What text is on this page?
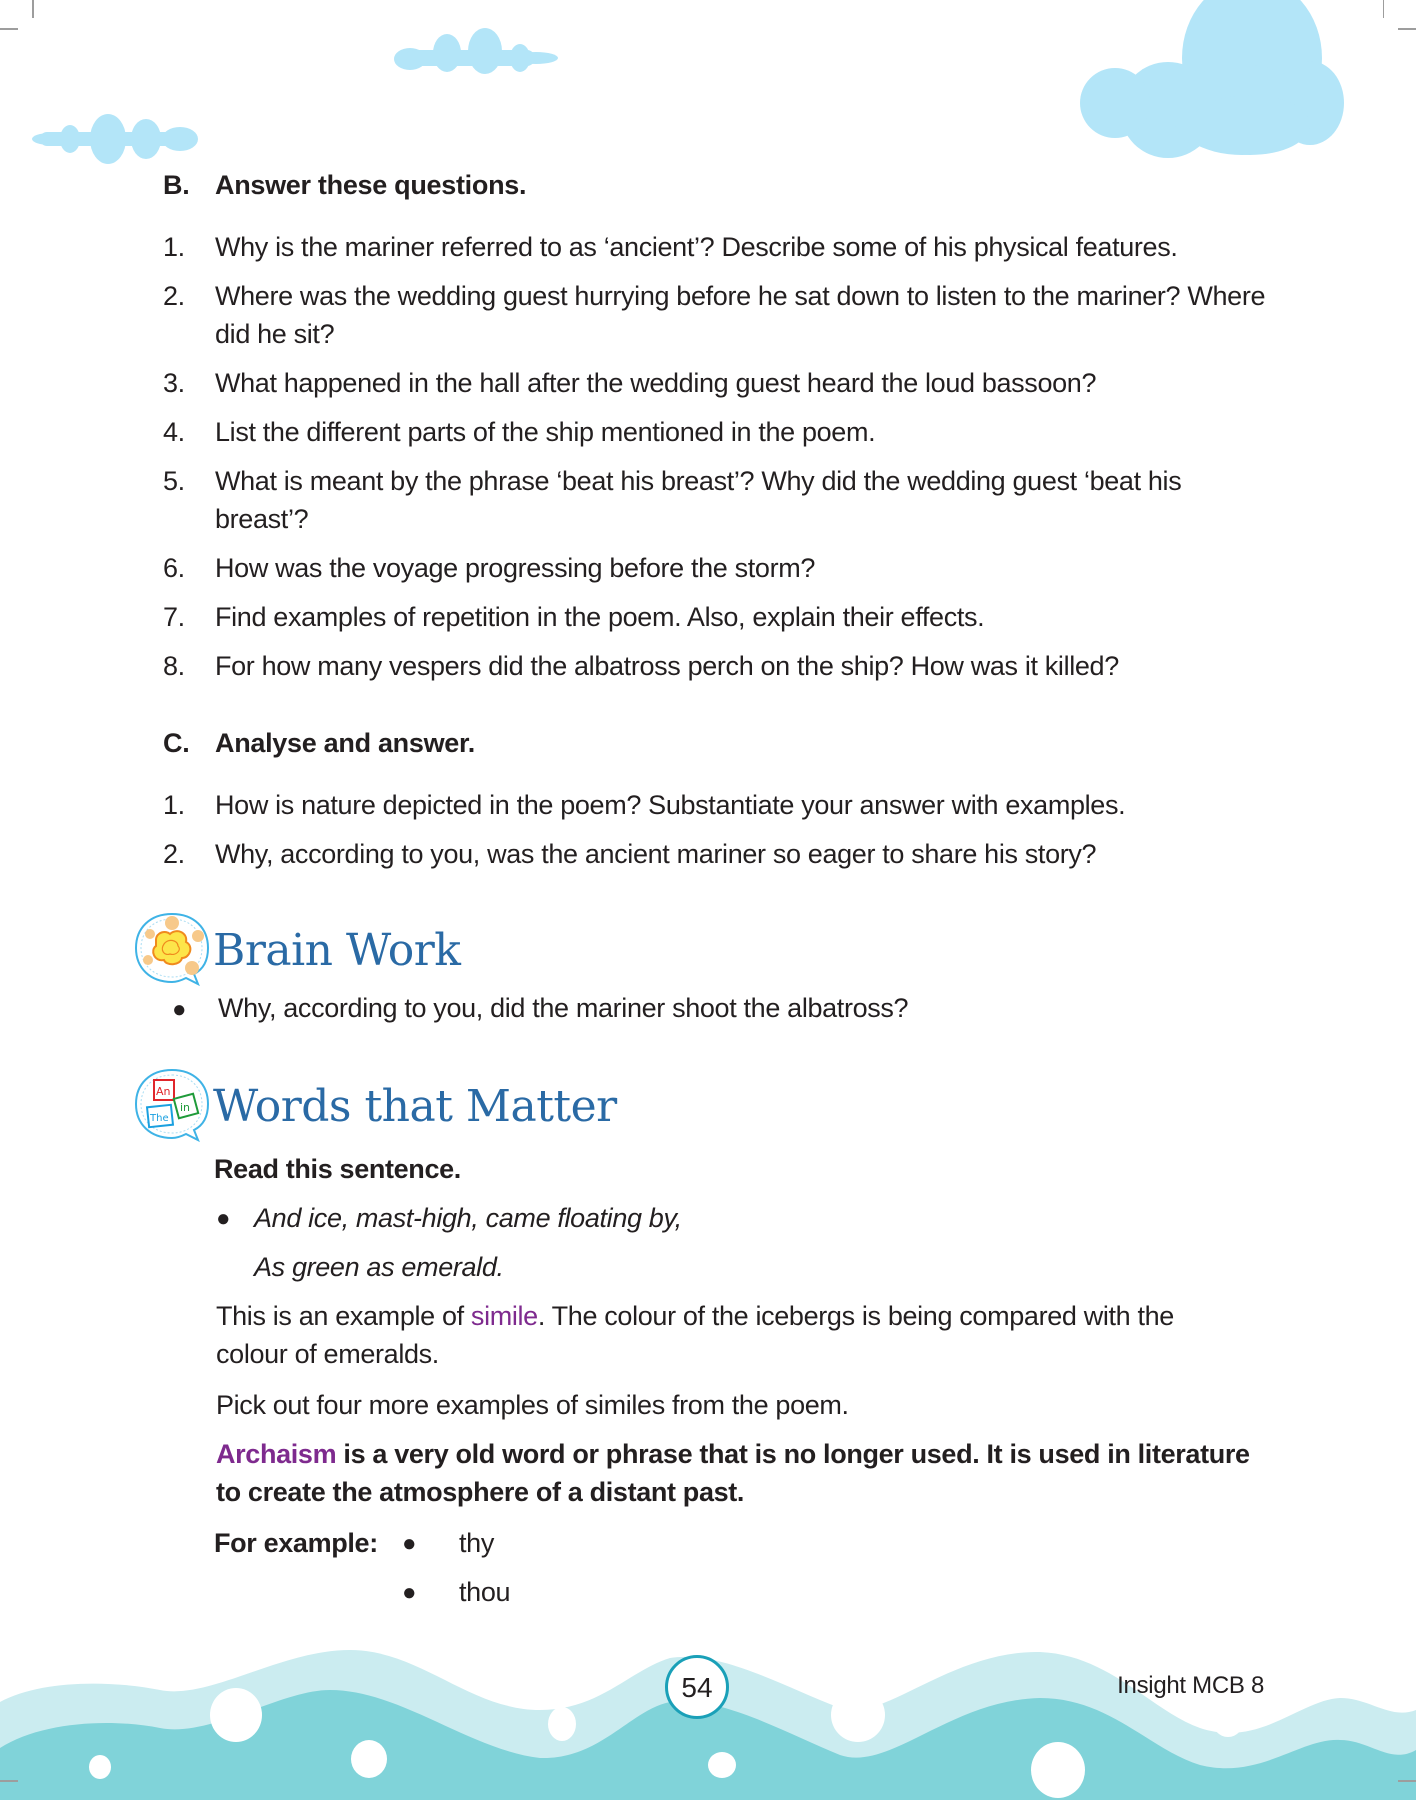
B. Answer these questions.
1.	Why is the mariner referred to as ‘ancient’? Describe some of his physical features.
2.	Where was the wedding guest hurrying before he sat down to listen to the mariner? Where did he sit?
3.	What happened in the hall after the wedding guest heard the loud bassoon?
4.	List the different parts of the ship mentioned in the poem.
5.	What is meant by the phrase ‘beat his breast’? Why did the wedding guest ‘beat his breast’?
6.	How was the voyage progressing before the storm?
7.	Find examples of repetition in the poem. Also, explain their effects.
8.	For how many vespers did the albatross perch on the ship? How was it killed?
C. Analyse and answer.
1.	How is nature depicted in the poem? Substantiate your answer with examples.
2.	Why, according to you, was the ancient mariner so eager to share his story?
Brain Work
● Why, according to you, did the mariner shoot the albatross?
An
in
The Words that Matter
Read this sentence.
● And ice, mast-high, came floating by,
As green as emerald.
This is an example of simile. The colour of the icebergs is being compared with the
colour of emeralds.
Pick out four more examples of similes from the poem.
Archaism is a very old word or phrase that is no longer used. It is used in literature
to create the atmosphere of a distant past.
For example: ● thy
● thou
54	Insight MCB 8
